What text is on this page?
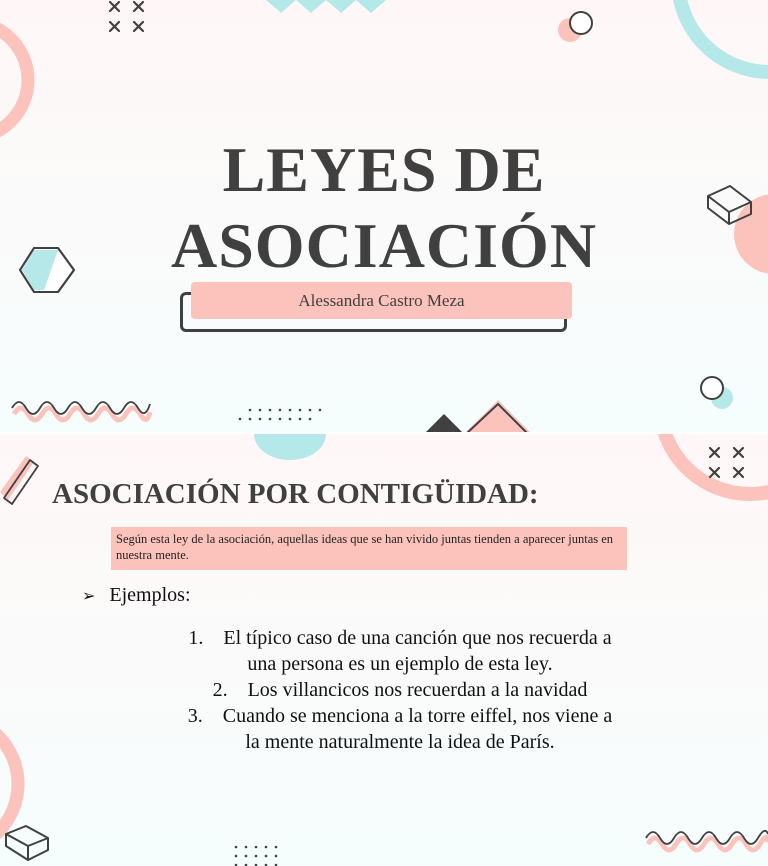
LEYES DE
ASOCIACIÓN
Alessandra Castro Meza
ASOCIACIÓN POR CONTIGÜIDAD:
Según esta ley de la asociación, aquellas ideas que se han vivido juntas tienden a aparecer juntas en nuestra mente.
➢ Ejemplos:
1. El típico caso de una canción que nos recuerda a
una persona es un ejemplo de esta ley.
2. Los villancicos nos recuerdan a la navidad
3. Cuando se menciona a la torre eiffel, nos viene a
la mente naturalmente la idea de París.
